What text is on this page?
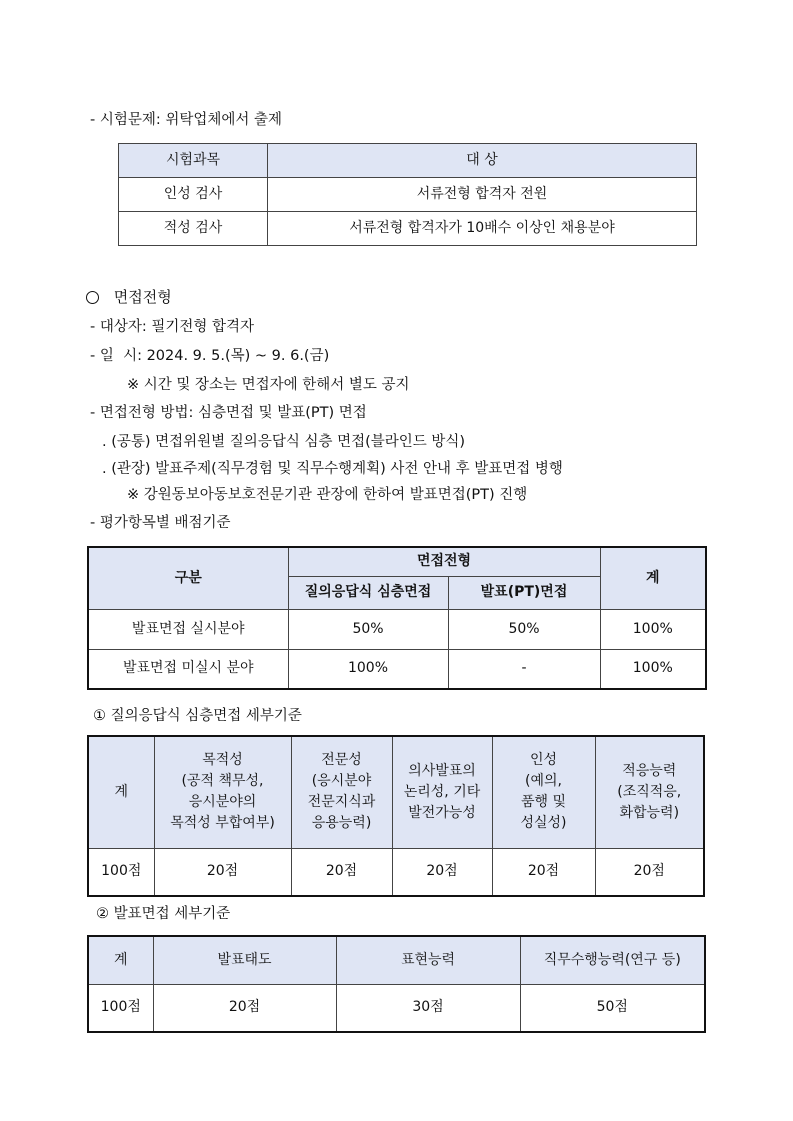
- 시험문제: 위탁업체에서 출제
시험과목	대 상
인성 검사	서류전형 합격자 전원
적성 검사	서류전형 합격자가 10배수 이상인 채용분야
면접전형
- 대상자: 필기전형 합격자
- 일  시: 2024. 9. 5.(목) ~ 9. 6.(금)
※ 시간 및 장소는 면접자에 한해서 별도 공지
- 면접전형 방법: 심층면접 및 발표(PT) 면접
. (공통) 면접위원별 질의응답식 심층 면접(블라인드 방식)
. (관장) 발표주제(직무경험 및 직무수행계획) 사전 안내 후 발표면접 병행
※ 강원동보아동보호전문기관 관장에 한하여 발표면접(PT) 진행
- 평가항목별 배점기준
구분	면접전형		계
	질의응답식 심층면접	발표(PT)면접	
발표면접 실시분야	50%	50%	100%
발표면접 미실시 분야	100%	-	100%
① 질의응답식 심층면접 세부기준
계	목적성
(공적 책무성,
응시분야의
목적성 부합여부)	전문성
(응시분야
전문지식과
응용능력)	의사발표의
논리성, 기타
발전가능성	인성
(예의,
품행 및
성실성)	적응능력
(조직적응,
화합능력)
100점	20점	20점	20점	20점	20점
② 발표면접 세부기준
계	발표태도	표현능력	직무수행능력(연구 등)
100점	20점	30점	50점
